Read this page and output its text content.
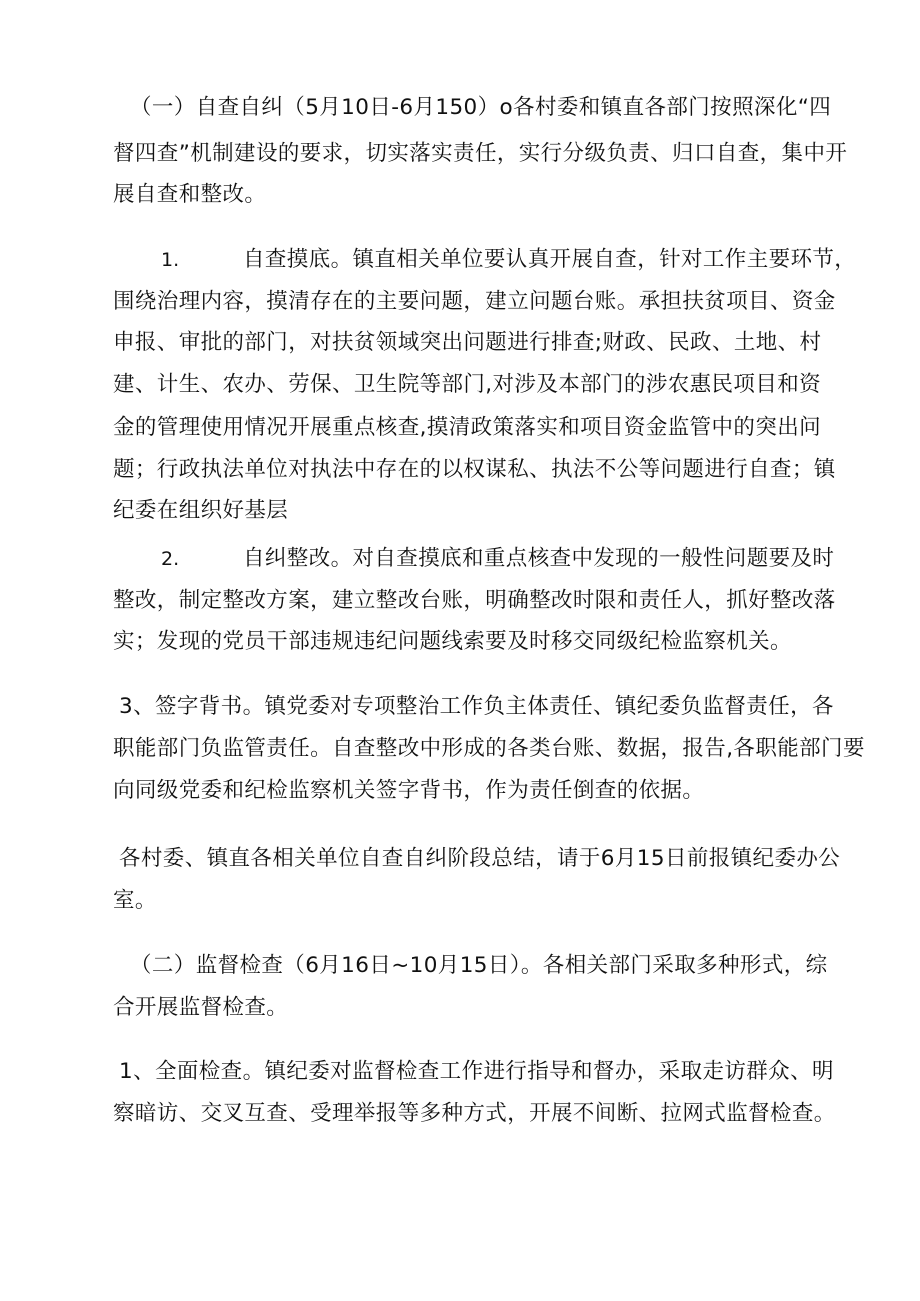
（一）自查自纠（5月10日-6月150）o各村委和镇直各部门按照深化“四
督四查”机制建设的要求，切实落实责任，实行分级负责、归口自查，集中开
展自查和整改。
1.	自查摸底。镇直相关单位要认真开展自查，针对工作主要环节，
围绕治理内容，摸清存在的主要问题，建立问题台账。承担扶贫项目、资金
申报、审批的部门，对扶贫领域突出问题进行排查;财政、民政、土地、村
建、计生、农办、劳保、卫生院等部门,对涉及本部门的涉农惠民项目和资
金的管理使用情况开展重点核查,摸清政策落实和项目资金监管中的突出问
题；行政执法单位对执法中存在的以权谋私、执法不公等问题进行自查；镇
纪委在组织好基层
2.	自纠整改。对自查摸底和重点核查中发现的一般性问题要及时
整改，制定整改方案，建立整改台账，明确整改时限和责任人，抓好整改落
实；发现的党员干部违规违纪问题线索要及时移交同级纪检监察机关。
3、签字背书。镇党委对专项整治工作负主体责任、镇纪委负监督责任，各
职能部门负监管责任。自查整改中形成的各类台账、数据，报告,各职能部门要
向同级党委和纪检监察机关签字背书，作为责任倒查的依据。
各村委、镇直各相关单位自查自纠阶段总结，请于6月15日前报镇纪委办公
室。
（二）监督检查（6月16日~10月15日）。各相关部门采取多种形式，综
合开展监督检查。
1、全面检查。镇纪委对监督检查工作进行指导和督办，采取走访群众、明
察暗访、交叉互查、受理举报等多种方式，开展不间断、拉网式监督检查。
